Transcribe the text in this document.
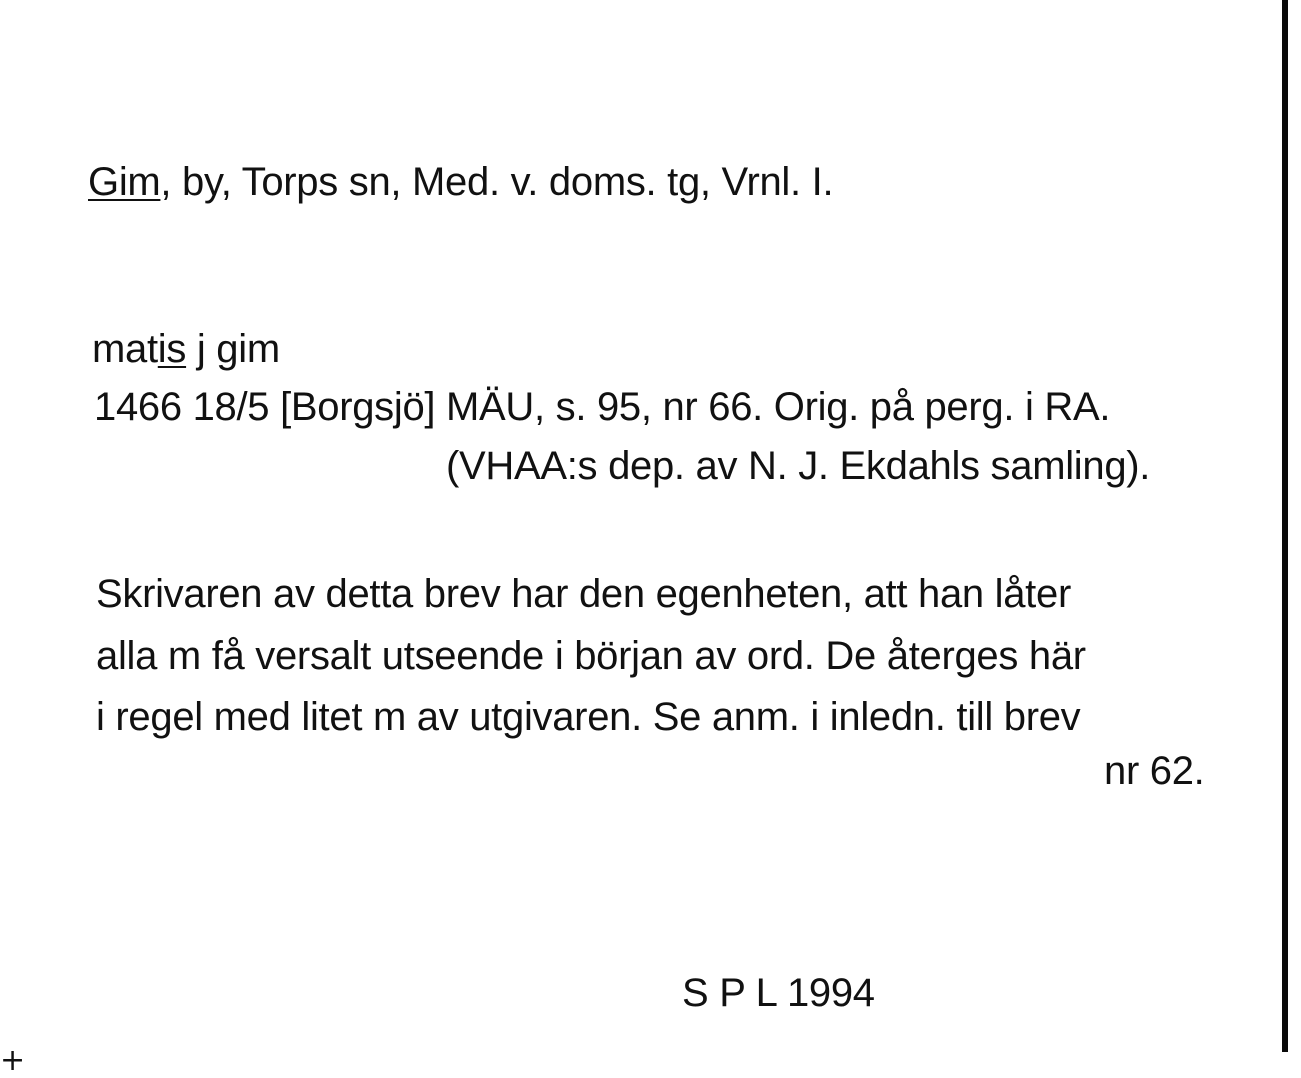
Gim, by, Torps sn, Med. v. doms. tg, Vrnl. I.
matis j gim
1466 18/5 [Borgsjö] MÄU, s. 95, nr 66. Orig. på perg. i RA.
(VHAA:s dep. av N. J. Ekdahls samling).
Skrivaren av detta brev har den egenheten, att han låter
alla m få versalt utseende i början av ord. De återges här
i regel med litet m av utgivaren. Se anm. i inledn. till brev
nr 62.
S P L 1994
+
